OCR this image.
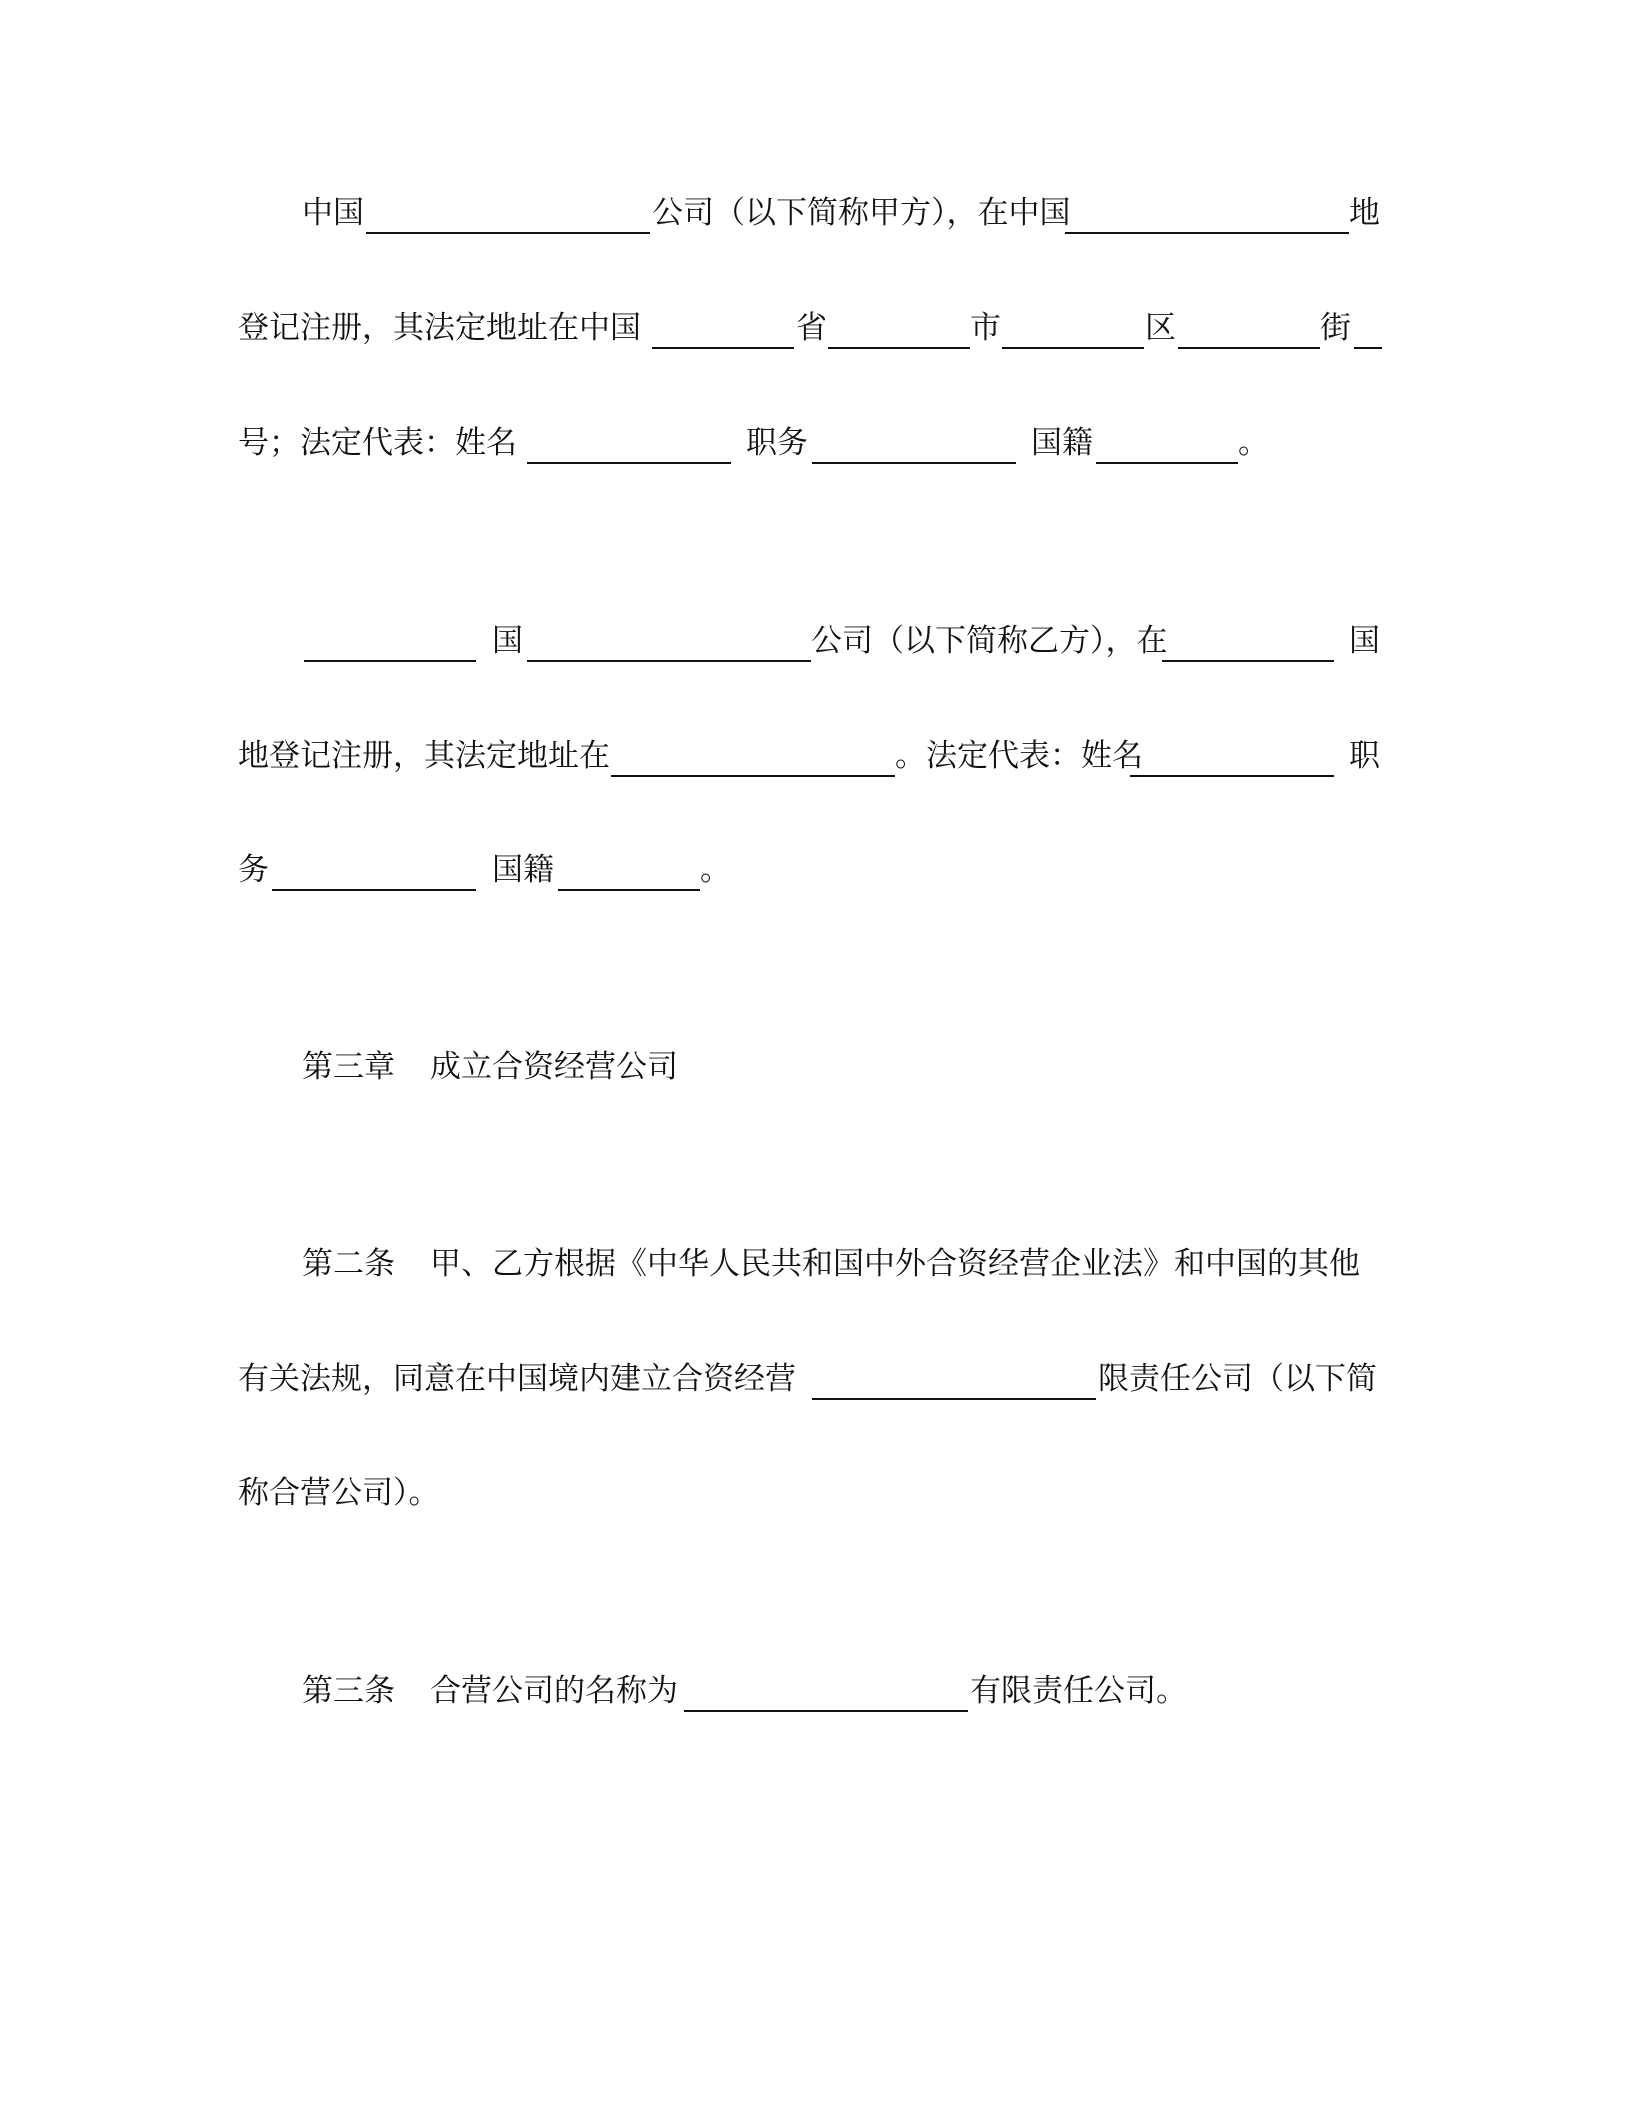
中国	公司（以下简称甲方），在中国	地
登记注册，其法定地址在中国	省	市	区	街
号；法定代表：姓名	职务	国籍	。
国	公司（以下简称乙方），在	国
地登记注册，其法定地址在	。法定代表：姓名	职
务	国籍	。
第三章 成立合资经营公司
第二条 甲、乙方根据《中华人民共和国中外合资经营企业法》和中国的其他
有关法规，同意在中国境内建立合资经营	限责任公司（以下简
称合营公司）。
第三条 合营公司的名称为	有限责任公司。
